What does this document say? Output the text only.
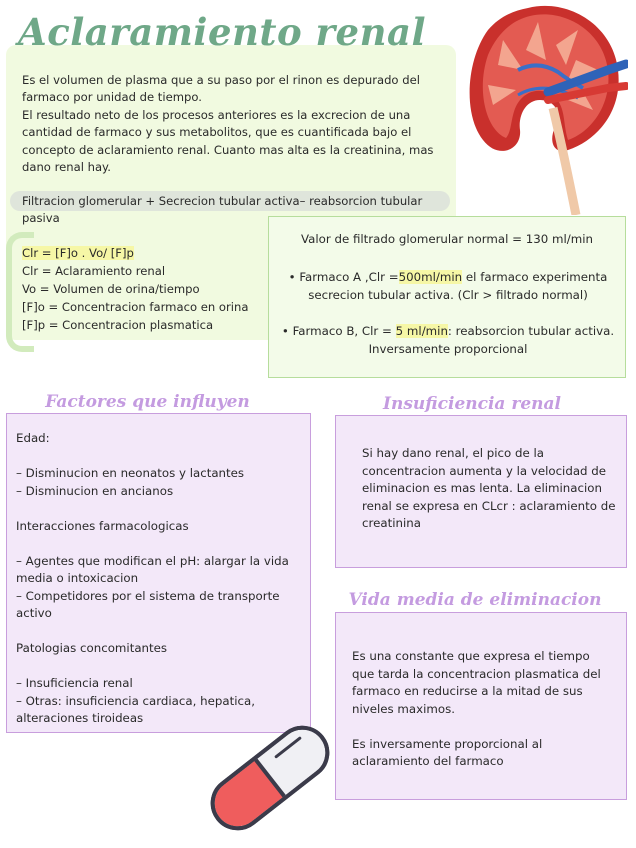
Aclaramiento renal

Es el volumen de plasma que a su paso por el rinon es depurado del farmaco por unidad de tiempo.

El resultado neto de los procesos anteriores es la excrecion de una cantidad de farmaco y sus metabolitos, que es cuantificada bajo el concepto de aclaramiento renal. Cuanto mas alta es la creatinina, mas dano renal hay.

Filtracion glomerular + Secrecion tubular activa– reabsorcion tubular pasiva
Clr = [F]o . Vo/ [F]p
Clr = Aclaramiento renal
Vo = Volumen de orina/tiempo
[F]o = Concentracion farmaco en orina
[F]p = Concentracion plasmatica
Valor de filtrado glomerular normal = 130 ml/min
• Farmaco A ,Clr =500ml/min el farmaco experimenta secrecion tubular activa. (Clr > filtrado normal)
• Farmaco B, Clr = 5 ml/min: reabsorcion tubular activa. Inversamente proporcional
Factores que influyen

Edad:

– Disminucion en neonatos y lactantes

– Disminucion en ancianos

Interacciones farmacologicas

– Agentes que modifican el pH: alargar la vida media o intoxicacion

– Competidores por el sistema de transporte activo

Patologias concomitantes

– Insuficiencia renal

– Otras: insuficiencia cardiaca, hepatica, alteraciones tiroideas

Insuficiencia renal
Si hay dano renal, el pico de la concentracion aumenta y la velocidad de eliminacion es mas lenta. La eliminacion renal se expresa en CLcr : aclaramiento de creatinina
Vida media de eliminacion

Es una constante que expresa el tiempo que tarda la concentracion plasmatica del farmaco en reducirse a la mitad de sus niveles maximos.

Es inversamente proporcional al aclaramiento del farmaco
